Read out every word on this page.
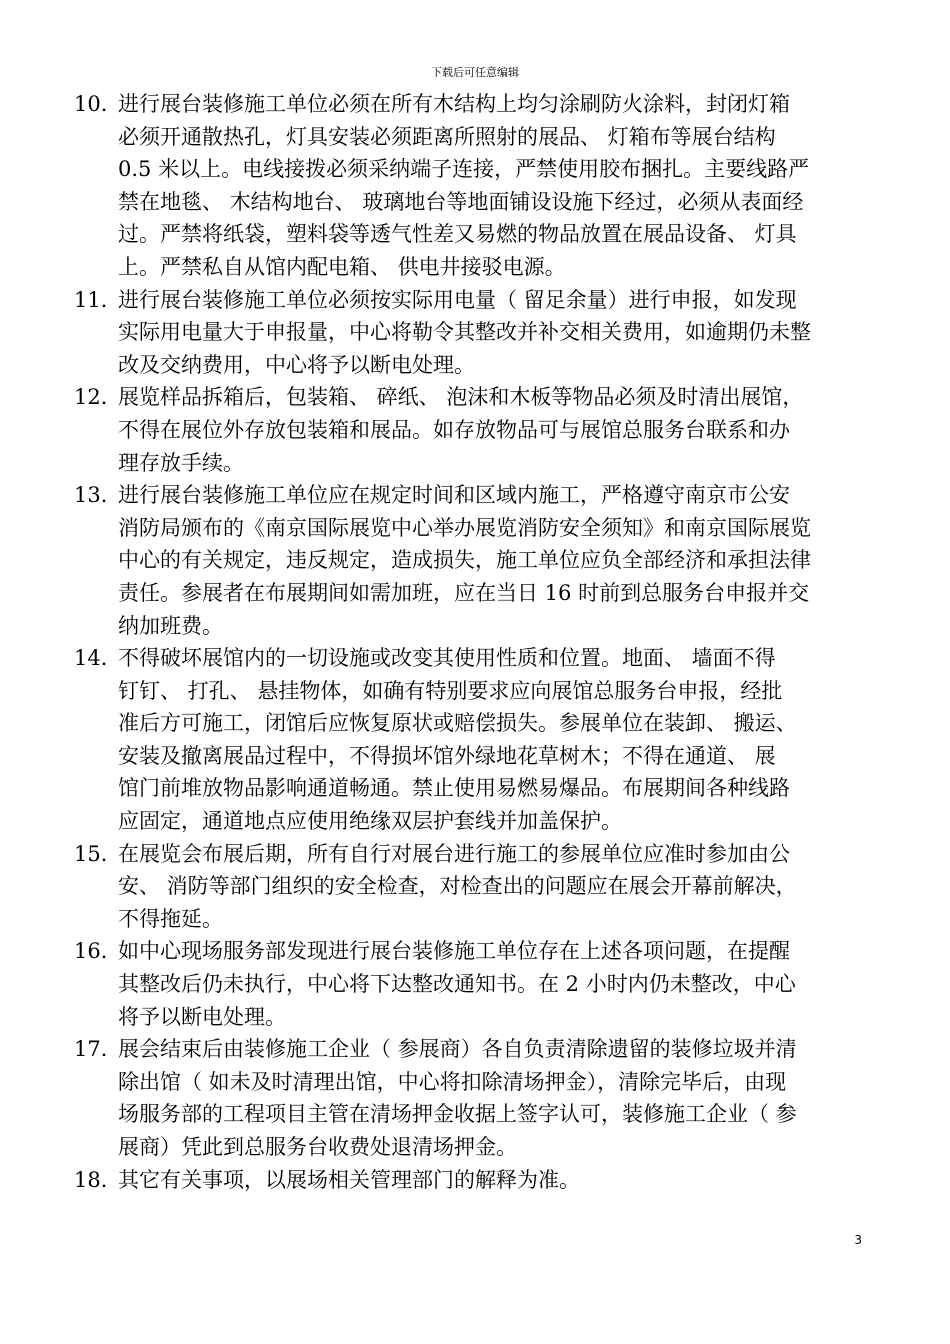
下载后可任意编辑
10．
进行展台装修施工单位必须在所有木结构上均匀涂刷防火涂料，封闭灯箱
必须开通散热孔，灯具安装必须距离所照射的展品、 灯箱布等展台结构
0.5 米以上。电线接拨必须采纳端子连接，严禁使用胶布捆扎。主要线路严
禁在地毯、 木结构地台、 玻璃地台等地面铺设设施下经过，必须从表面经
过。严禁将纸袋，塑料袋等透气性差又易燃的物品放置在展品设备、 灯具
上。严禁私自从馆内配电箱、 供电井接驳电源。
11．
进行展台装修施工单位必须按实际用电量（ 留足余量）进行申报，如发现
实际用电量大于申报量，中心将勒令其整改并补交相关费用，如逾期仍未整
改及交纳费用，中心将予以断电处理。
12．
展览样品拆箱后，包装箱、 碎纸、 泡沫和木板等物品必须及时清出展馆，
不得在展位外存放包装箱和展品。如存放物品可与展馆总服务台联系和办
理存放手续。
13．
进行展台装修施工单位应在规定时间和区域内施工，严格遵守南京市公安
消防局颁布的《南京国际展览中心举办展览消防安全须知》和南京国际展览
中心的有关规定，违反规定，造成损失，施工单位应负全部经济和承担法律
责任。参展者在布展期间如需加班，应在当日 16 时前到总服务台申报并交
纳加班费。
14．
不得破坏展馆内的一切设施或改变其使用性质和位置。地面、 墙面不得
钉钉、 打孔、 悬挂物体，如确有特别要求应向展馆总服务台申报，经批
准后方可施工，闭馆后应恢复原状或赔偿损失。参展单位在装卸、 搬运、
安装及撤离展品过程中，不得损坏馆外绿地花草树木；不得在通道、 展
馆门前堆放物品影响通道畅通。禁止使用易燃易爆品。布展期间各种线路
应固定，通道地点应使用绝缘双层护套线并加盖保护。
15．
在展览会布展后期，所有自行对展台进行施工的参展单位应准时参加由公
安、 消防等部门组织的安全检查，对检查出的问题应在展会开幕前解决，
不得拖延。
16．
如中心现场服务部发现进行展台装修施工单位存在上述各项问题，在提醒
其整改后仍未执行，中心将下达整改通知书。在 2 小时内仍未整改，中心
将予以断电处理。
17．
展会结束后由装修施工企业（ 参展商）各自负责清除遗留的装修垃圾并清
除出馆（ 如未及时清理出馆，中心将扣除清场押金），清除完毕后，由现
场服务部的工程项目主管在清场押金收据上签字认可，装修施工企业（ 参
展商）凭此到总服务台收费处退清场押金。
18．
其它有关事项，以展场相关管理部门的解释为准。
3
